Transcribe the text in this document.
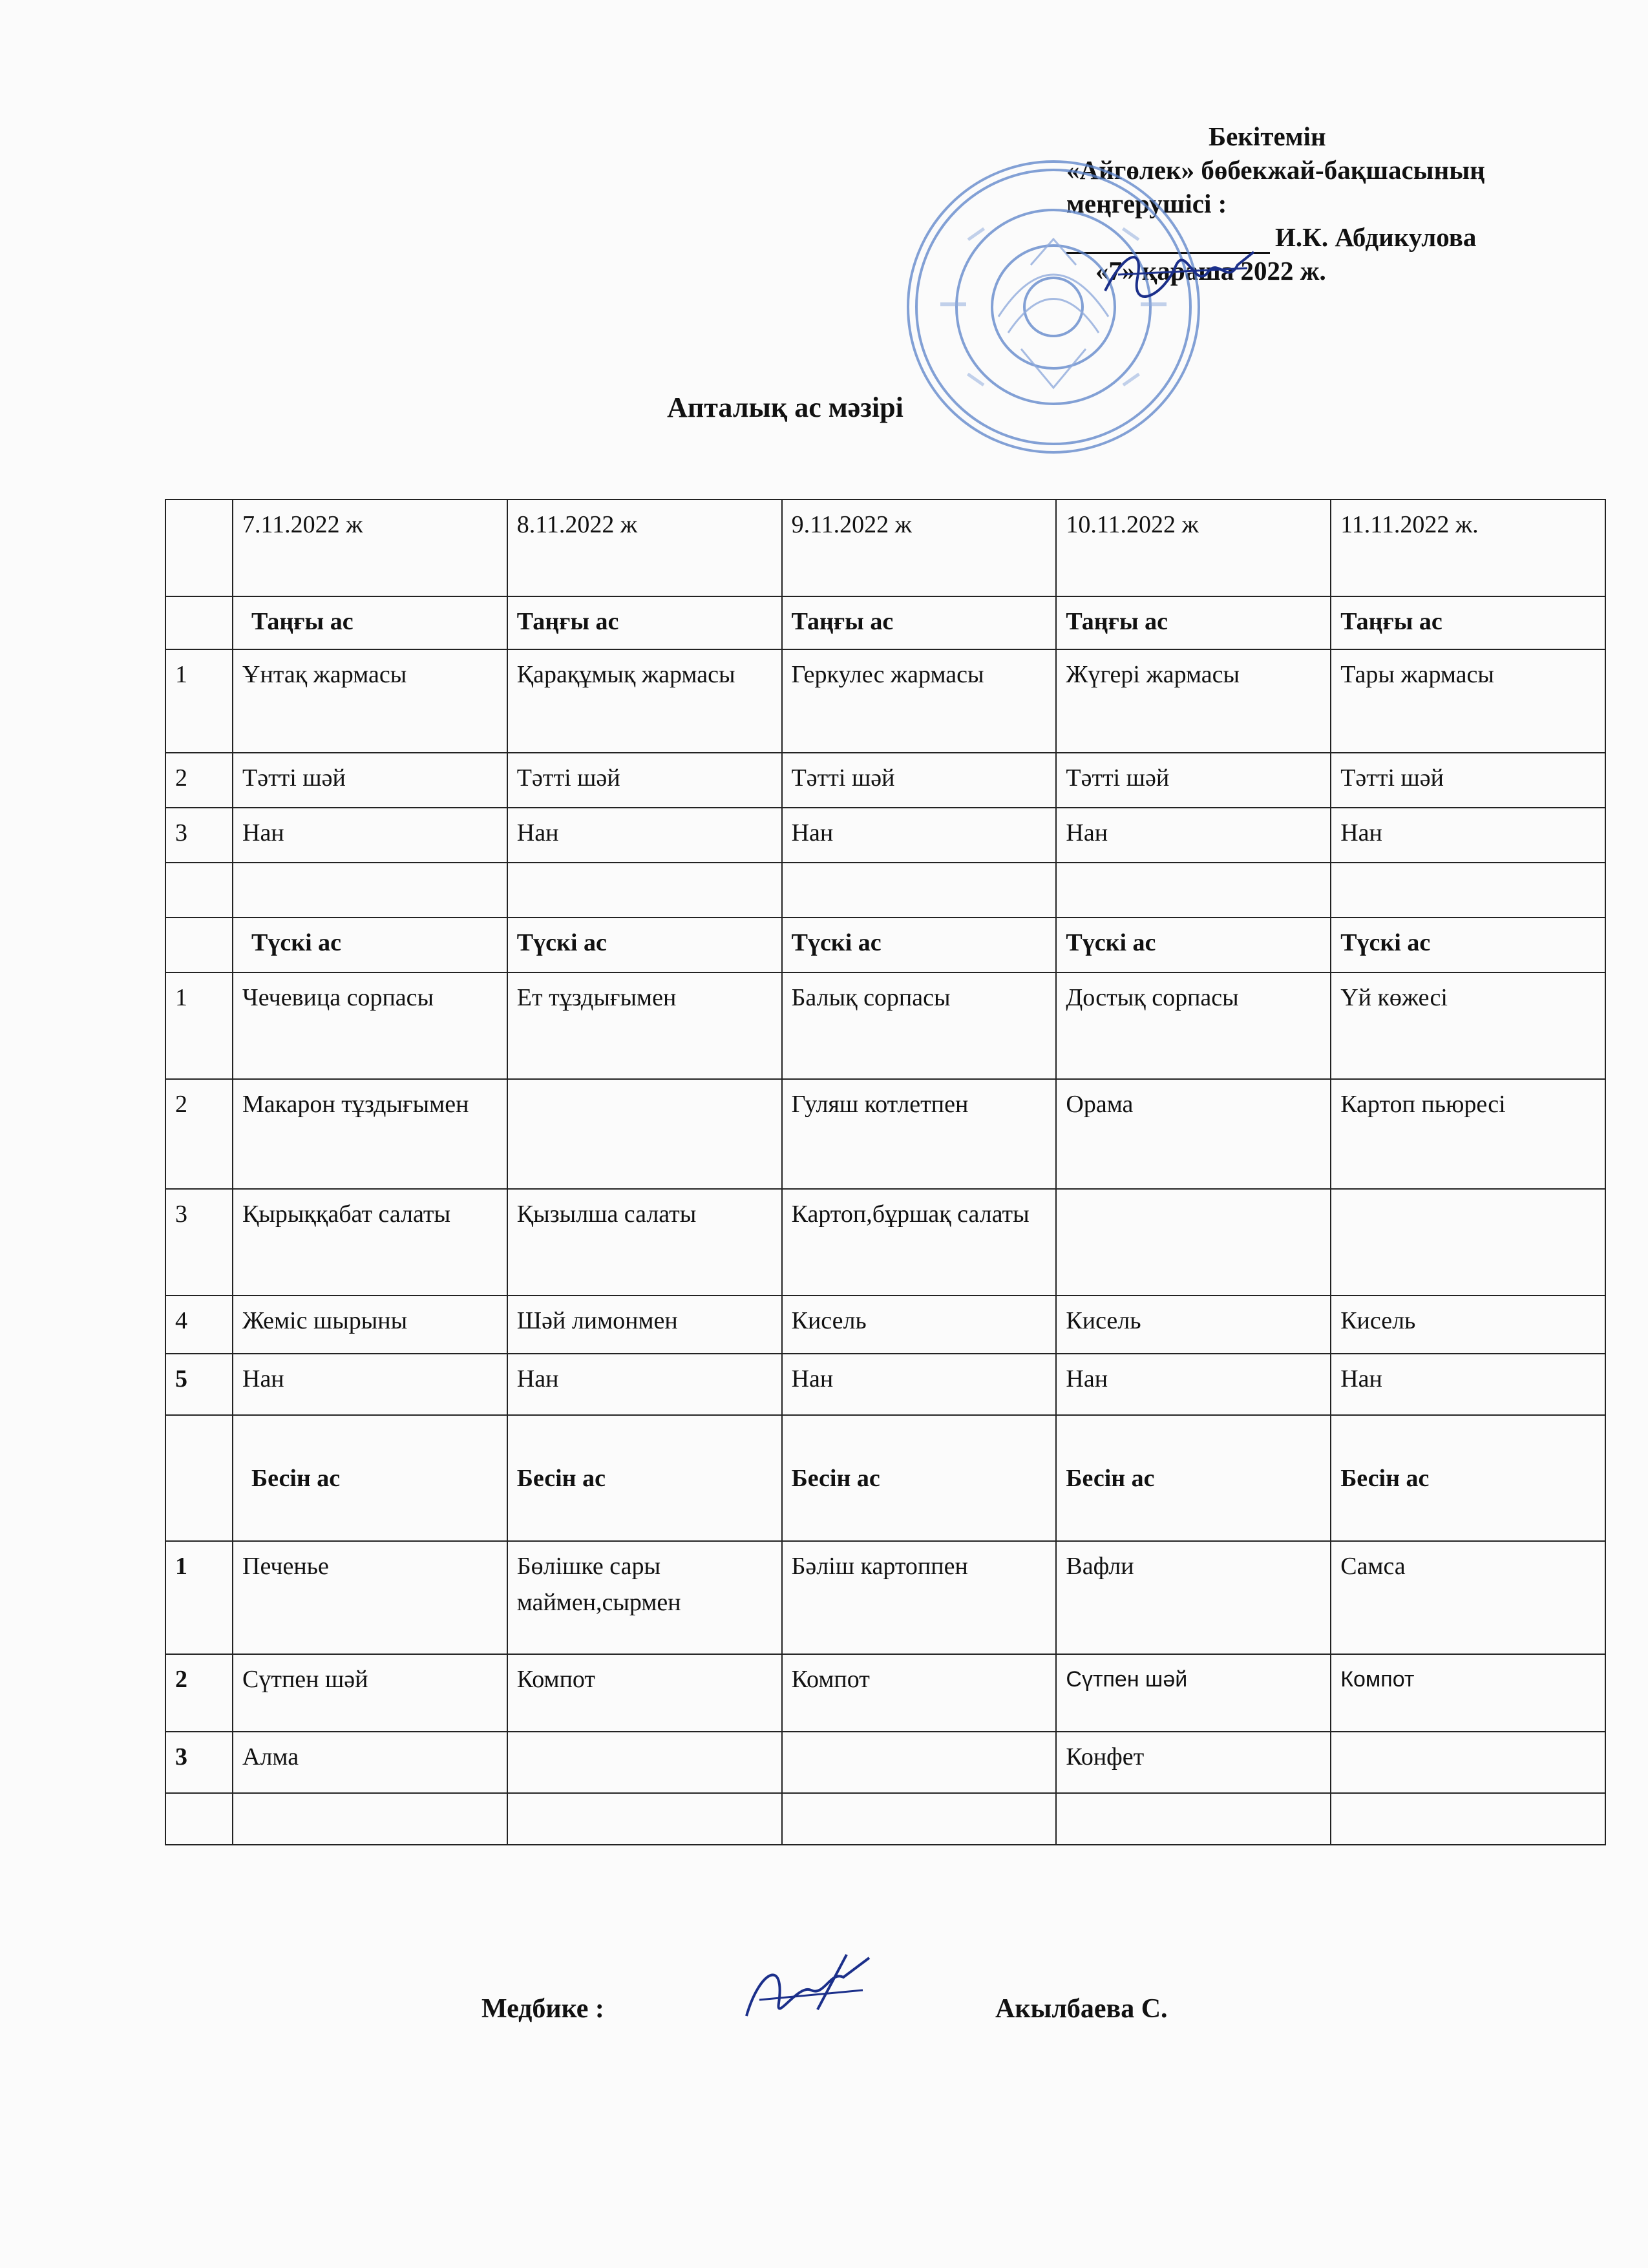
Бекітемін
«Айгөлек» бөбекжай-бақшасының
меңгерушісі :
И.К. Абдикулова
«7» қараша 2022 ж.
Апталық ас мәзірі
	7.11.2022 ж	8.11.2022 ж	9.11.2022 ж	10.11.2022 ж	11.11.2022 ж.
	Таңғы ас	Таңғы ас	Таңғы ас	Таңғы ас	Таңғы ас
1	Ұнтақ жармасы	Қарақұмық жармасы	Геркулес жармасы	Жүгері жармасы	Тары жармасы
2	Тәтті шәй	Тәтті шәй	Тәтті шәй	Тәтті шәй	Тәтті шәй
3	Нан	Нан	Нан	Нан	Нан

	Түскі ас	Түскі ас	Түскі ас	Түскі ас	Түскі ас
1	Чечевица сорпасы	Ет тұздығымен	Балық сорпасы	Достық сорпасы	Үй көжесі
2	Макарон тұздығымен		Гуляш котлетпен	Орама	Картоп пьюресі
3	Қырыққабат салаты	Қызылша салаты	Картоп,бұршақ салаты		
4	Жеміс шырыны	Шәй лимонмен	Кисель	Кисель	Кисель
5	Нан	Нан	Нан	Нан	Нан
	Бесін ас	Бесін ас	Бесін ас	Бесін ас	Бесін ас
1	Печенье	Бөлішке сары маймен,сырмен	Бәліш картоппен	Вафли	Самса
2	Сүтпен шәй	Компот	Компот	Сүтпен шәй	Компот
3	Алма			Конфет	

Медбике :	Акылбаева С.
